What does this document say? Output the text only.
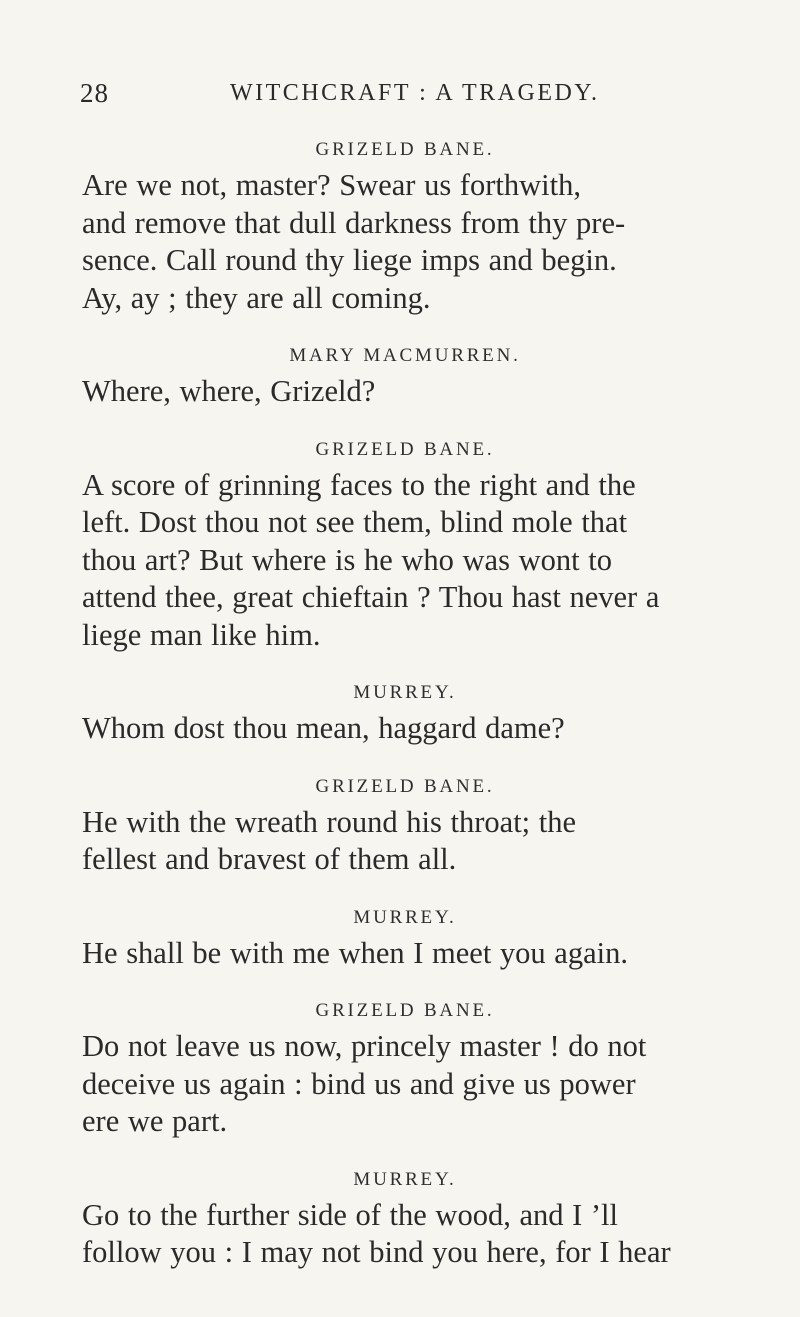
28	WITCHCRAFT : A TRAGEDY.
GRIZELD BANE.
Are we not, master? Swear us forthwith,
and remove that dull darkness from thy pre-
sence. Call round thy liege imps and begin.
Ay, ay ; they are all coming.
MARY MACMURREN.
Where, where, Grizeld?
GRIZELD BANE.
A score of grinning faces to the right and the
left. Dost thou not see them, blind mole that
thou art? But where is he who was wont to
attend thee, great chieftain ? Thou hast never a
liege man like him.
MURREY.
Whom dost thou mean, haggard dame?
GRIZELD BANE.
He with the wreath round his throat; the
fellest and bravest of them all.
MURREY.
He shall be with me when I meet you again.
GRIZELD BANE.
Do not leave us now, princely master ! do not
deceive us again : bind us and give us power
ere we part.
MURREY.
Go to the further side of the wood, and I ’ll
follow you : I may not bind you here, for I hear
